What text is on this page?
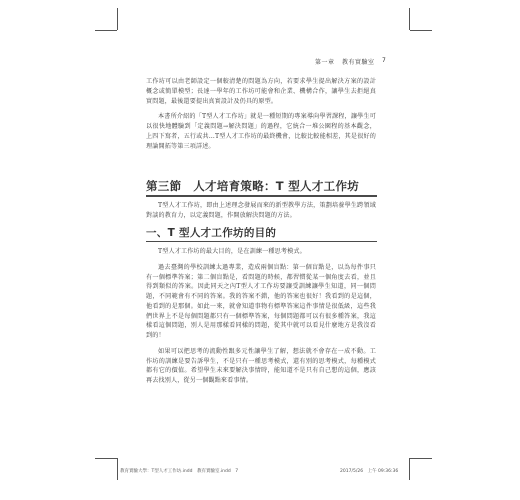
第一章 教有實驗室 7

工作坊可以由老師設定一個較清楚的問題為方向，若要求學生提出解決方案的設計概念或簡單模型；長達一學年的工作坊可能會和企業、機構合作，讓學生去拒絕真實問題，最後還要提出真實設計及仍具的原型。

本書所介紹的「T型人才工作坊」就是一種短期的專案導向學習課程，讓學生可以很快地體驗到「定義問題→解決問題」的過程，它統合一堆公園程的基本觀念，上四下寫者，五行或共…T型人才工作坊的最終機會，比較比較能相差，其是很好的理論開拓等第三項詳述。

第三節　人才培育策略：T 型人才工作坊

T型人才工作坊，即由上述理念發展而來的新型教學方法，策劃培養學生跨領域對談的教育力，以定義問題，作開放解決問題的方法。

一、T 型人才工作坊的目的

T型人才工作坊的最大目的，是在訓練一種思考模式。

過去臺灣的學校訓練太過專業，造成兩個盲點：第一個盲點是，以為每件事只有一個標準答案；第二個盲點是，看問題的時候，都習慣從某一個角度去看，並且得到類似的答案。因此同天之內T型人才工作坊要讓受訓練讓學生知道，同一個問題，不同範會有不同的答案。我的答案不錯，他的答案也很好！我看到的是這個，他看到的是那個。如此一來，就會知道事物有標準答案這件事情是很低級，這些我們世界上不是每個問題都只有一個標準答案，每個問題都可以有很多種答案，我這樣看這個問題，別人是用那樣看同樣的問題，從其中就可以看見什麼地方是我沒看到的！

如果可以把思考的流動性跟多元性讓學生了解，想法就不會存在一成不動。工作坊的訓練是要告訴學生，不是只有一種思考模式，還有別的思考模式，每種模式都有它的價值。希望學生未來要解決事情時，能知道不是只有自己想的這個，應該再去找別人，從另一個觀點來看事情。

教育實驗大學：T型人才工作坊.indd　教有實驗室.indd　7	2017/5/26　上午 09:36:36
